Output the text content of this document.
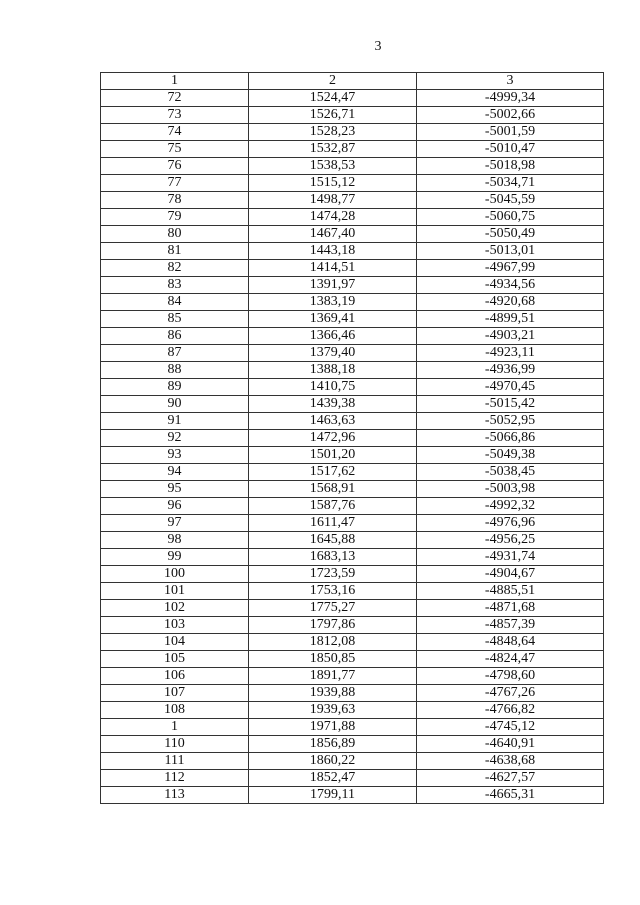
3
1	2	3
72	1524,47	-4999,34
73	1526,71	-5002,66
74	1528,23	-5001,59
75	1532,87	-5010,47
76	1538,53	-5018,98
77	1515,12	-5034,71
78	1498,77	-5045,59
79	1474,28	-5060,75
80	1467,40	-5050,49
81	1443,18	-5013,01
82	1414,51	-4967,99
83	1391,97	-4934,56
84	1383,19	-4920,68
85	1369,41	-4899,51
86	1366,46	-4903,21
87	1379,40	-4923,11
88	1388,18	-4936,99
89	1410,75	-4970,45
90	1439,38	-5015,42
91	1463,63	-5052,95
92	1472,96	-5066,86
93	1501,20	-5049,38
94	1517,62	-5038,45
95	1568,91	-5003,98
96	1587,76	-4992,32
97	1611,47	-4976,96
98	1645,88	-4956,25
99	1683,13	-4931,74
100	1723,59	-4904,67
101	1753,16	-4885,51
102	1775,27	-4871,68
103	1797,86	-4857,39
104	1812,08	-4848,64
105	1850,85	-4824,47
106	1891,77	-4798,60
107	1939,88	-4767,26
108	1939,63	-4766,82
1	1971,88	-4745,12
110	1856,89	-4640,91
111	1860,22	-4638,68
112	1852,47	-4627,57
113	1799,11	-4665,31
